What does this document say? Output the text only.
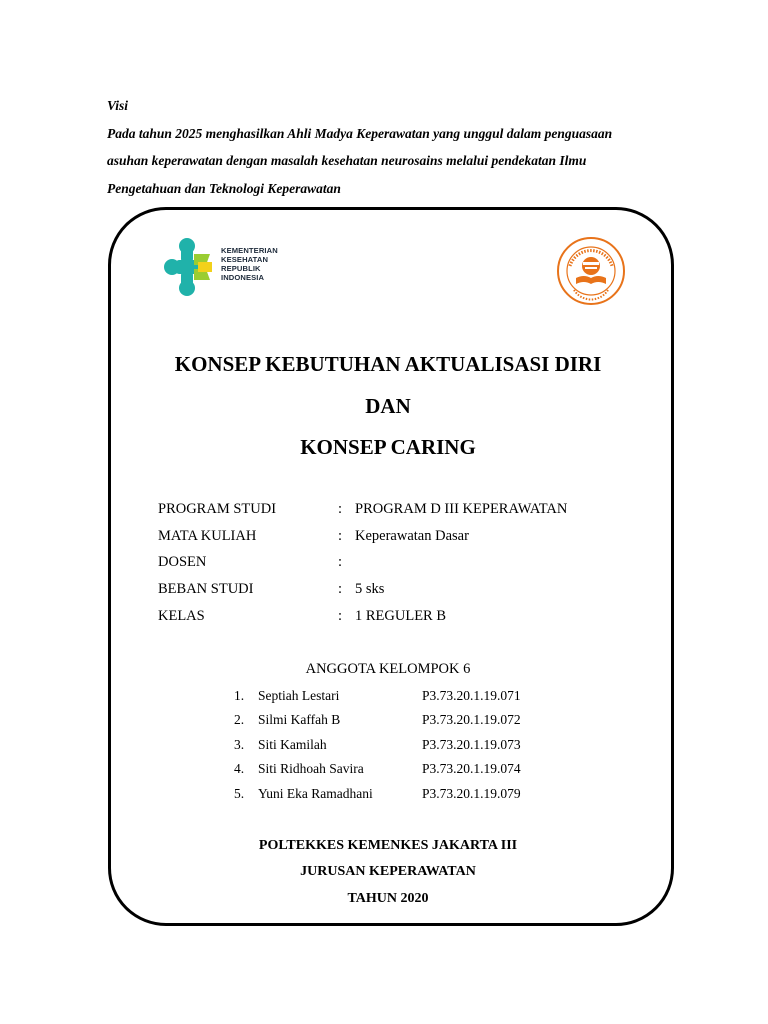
Visi

Pada tahun 2025 menghasilkan Ahli Madya Keperawatan yang unggul dalam penguasaan

asuhan keperawatan dengan masalah kesehatan neurosains melalui pendekatan Ilmu

Pengetahuan dan Teknologi Keperawatan

KEMENTERIAN
KESEHATAN
REPUBLIK
INDONESIA
KONSEP KEBUTUHAN AKTUALISASI DIRI
DAN
KONSEP CARING
PROGRAM STUDI	: PROGRAM D III KEPERAWATAN
MATA KULIAH	: Keperawatan Dasar
DOSEN	:
BEBAN STUDI	: 5 sks
KELAS	: 1 REGULER B
ANGGOTA KELOMPOK 6
1. Septiah Lestari	P3.73.20.1.19.071
2. Silmi Kaffah B	P3.73.20.1.19.072
3. Siti Kamilah	P3.73.20.1.19.073
4. Siti Ridhoah Savira	P3.73.20.1.19.074
5. Yuni Eka Ramadhani	P3.73.20.1.19.079
POLTEKKES KEMENKES JAKARTA III
JURUSAN KEPERAWATAN
TAHUN 2020
